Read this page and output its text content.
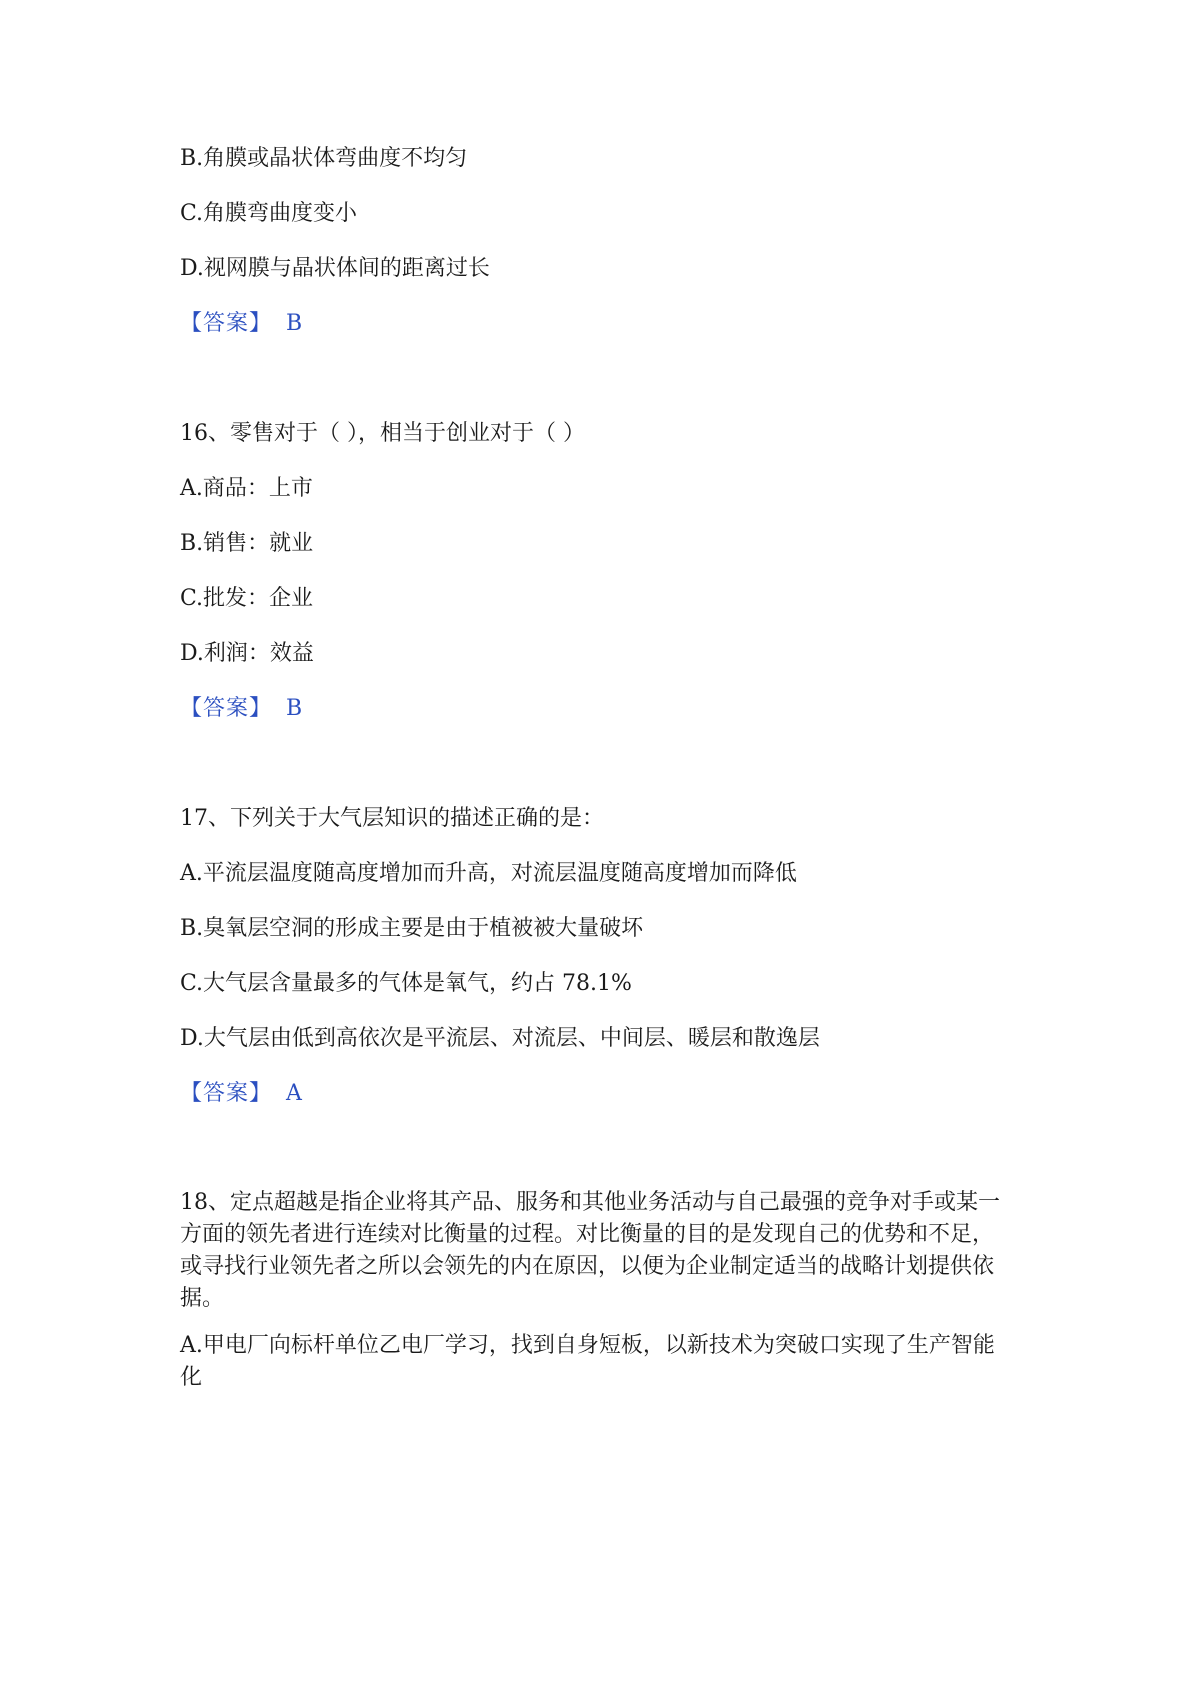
B.角膜或晶状体弯曲度不均匀
C.角膜弯曲度变小
D.视网膜与晶状体间的距离过长
【答案】 B
16、零售对于（ ），相当于创业对于（ ）
A.商品：上市
B.销售：就业
C.批发：企业
D.利润：效益
【答案】 B
17、下列关于大气层知识的描述正确的是：
A.平流层温度随高度增加而升高，对流层温度随高度增加而降低
B.臭氧层空洞的形成主要是由于植被被大量破坏
C.大气层含量最多的气体是氧气，约占 78.1%
D.大气层由低到高依次是平流层、对流层、中间层、暖层和散逸层
【答案】 A
18、定点超越是指企业将其产品、服务和其他业务活动与自己最强的竞争对手或某一方面的领先者进行连续对比衡量的过程。对比衡量的目的是发现自己的优势和不足，或寻找行业领先者之所以会领先的内在原因，以便为企业制定适当的战略计划提供依据。
A.甲电厂向标杆单位乙电厂学习，找到自身短板，以新技术为突破口实现了生产智能化
